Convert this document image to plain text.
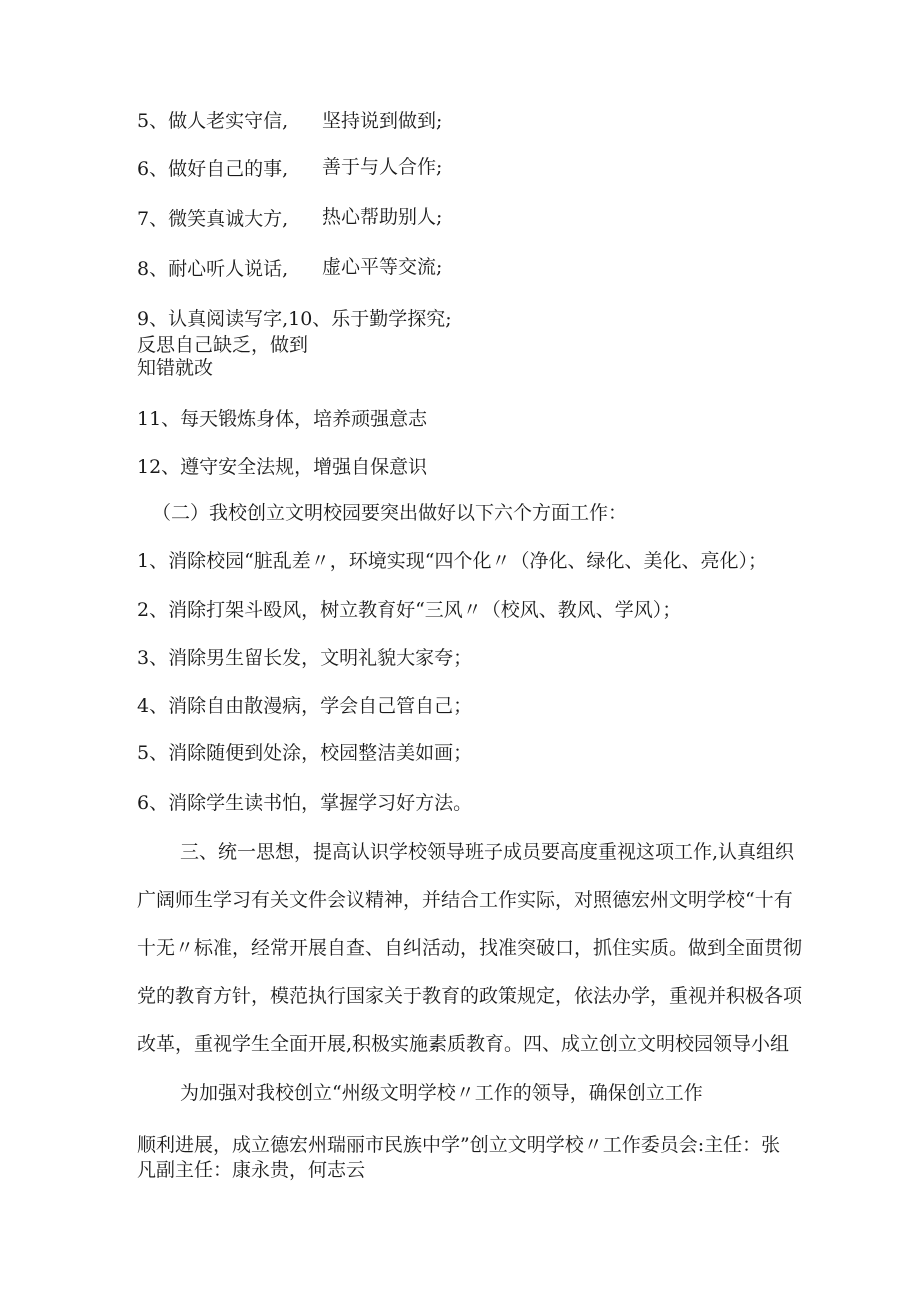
5、做人老实守信, 坚持说到做到;
6、做好自己的事, 善于与人合作;
7、微笑真诚大方, 热心帮助别人;
8、耐心听人说话, 虚心平等交流;
9、认真阅读写字,10、乐于勤学探究;
反思自己缺乏，做到
知错就改
11、每天锻炼身体，培养顽强意志
12、遵守安全法规，增强自保意识
（二）我校创立文明校园要突出做好以下六个方面工作：
1、消除校园“脏乱差〃，环境实现“四个化〃（净化、绿化、美化、亮化）；
2、消除打架斗殴风，树立教育好“三风〃（校风、教风、学风）；
3、消除男生留长发，文明礼貌大家夸；
4、消除自由散漫病，学会自己管自己；
5、消除随便到处涂，校园整洁美如画；
6、消除学生读书怕，掌握学习好方法。
三、统一思想，提高认识学校领导班子成员要高度重视这项工作,认真组织
广阔师生学习有关文件会议精神，并结合工作实际，对照德宏州文明学校“十有
十无〃标准，经常开展自查、自纠活动，找准突破口，抓住实质。做到全面贯彻
党的教育方针，模范执行国家关于教育的政策规定，依法办学，重视并积极各项
改革，重视学生全面开展,积极实施素质教育。四、成立创立文明校园领导小组
为加强对我校创立“州级文明学校〃工作的领导，确保创立工作
顺利进展，成立德宏州瑞丽市民族中学”创立文明学校〃工作委员会:主任：张
凡副主任：康永贵，何志云
